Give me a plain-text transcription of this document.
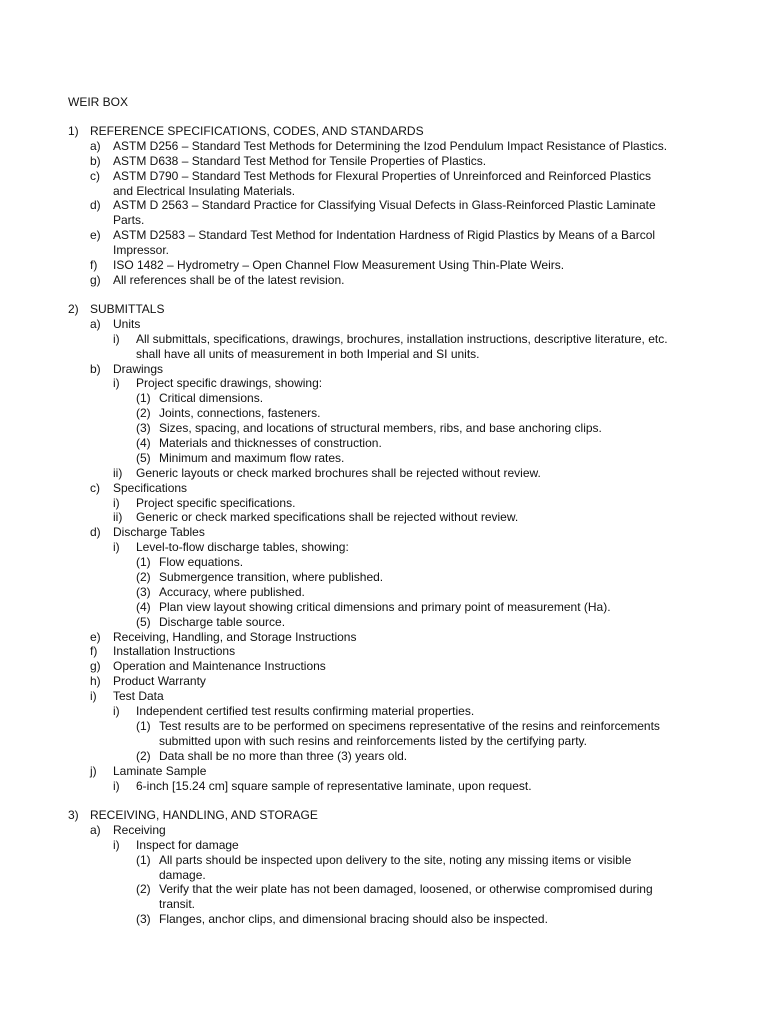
WEIR BOX
1) REFERENCE SPECIFICATIONS, CODES, AND STANDARDS
a) ASTM D256 – Standard Test Methods for Determining the Izod Pendulum Impact Resistance of Plastics.
b) ASTM D638 – Standard Test Method for Tensile Properties of Plastics.
c) ASTM D790 – Standard Test Methods for Flexural Properties of Unreinforced and Reinforced Plastics
and Electrical Insulating Materials.
d) ASTM D 2563 – Standard Practice for Classifying Visual Defects in Glass-Reinforced Plastic Laminate
Parts.
e) ASTM D2583 – Standard Test Method for Indentation Hardness of Rigid Plastics by Means of a Barcol
Impressor.
f) ISO 1482 – Hydrometry – Open Channel Flow Measurement Using Thin-Plate Weirs.
g) All references shall be of the latest revision.
2) SUBMITTALS
a) Units
i) All submittals, specifications, drawings, brochures, installation instructions, descriptive literature, etc.
shall have all units of measurement in both Imperial and SI units.
b) Drawings
i) Project specific drawings, showing:
(1) Critical dimensions.
(2) Joints, connections, fasteners.
(3) Sizes, spacing, and locations of structural members, ribs, and base anchoring clips.
(4) Materials and thicknesses of construction.
(5) Minimum and maximum flow rates.
ii) Generic layouts or check marked brochures shall be rejected without review.
c) Specifications
i) Project specific specifications.
ii) Generic or check marked specifications shall be rejected without review.
d) Discharge Tables
i) Level-to-flow discharge tables, showing:
(1) Flow equations.
(2) Submergence transition, where published.
(3) Accuracy, where published.
(4) Plan view layout showing critical dimensions and primary point of measurement (Ha).
(5) Discharge table source.
e) Receiving, Handling, and Storage Instructions
f) Installation Instructions
g) Operation and Maintenance Instructions
h) Product Warranty
i) Test Data
i) Independent certified test results confirming material properties.
(1) Test results are to be performed on specimens representative of the resins and reinforcements
submitted upon with such resins and reinforcements listed by the certifying party.
(2) Data shall be no more than three (3) years old.
j) Laminate Sample
i) 6-inch [15.24 cm] square sample of representative laminate, upon request.
3) RECEIVING, HANDLING, AND STORAGE
a) Receiving
i) Inspect for damage
(1) All parts should be inspected upon delivery to the site, noting any missing items or visible
damage.
(2) Verify that the weir plate has not been damaged, loosened, or otherwise compromised during
transit.
(3) Flanges, anchor clips, and dimensional bracing should also be inspected.
